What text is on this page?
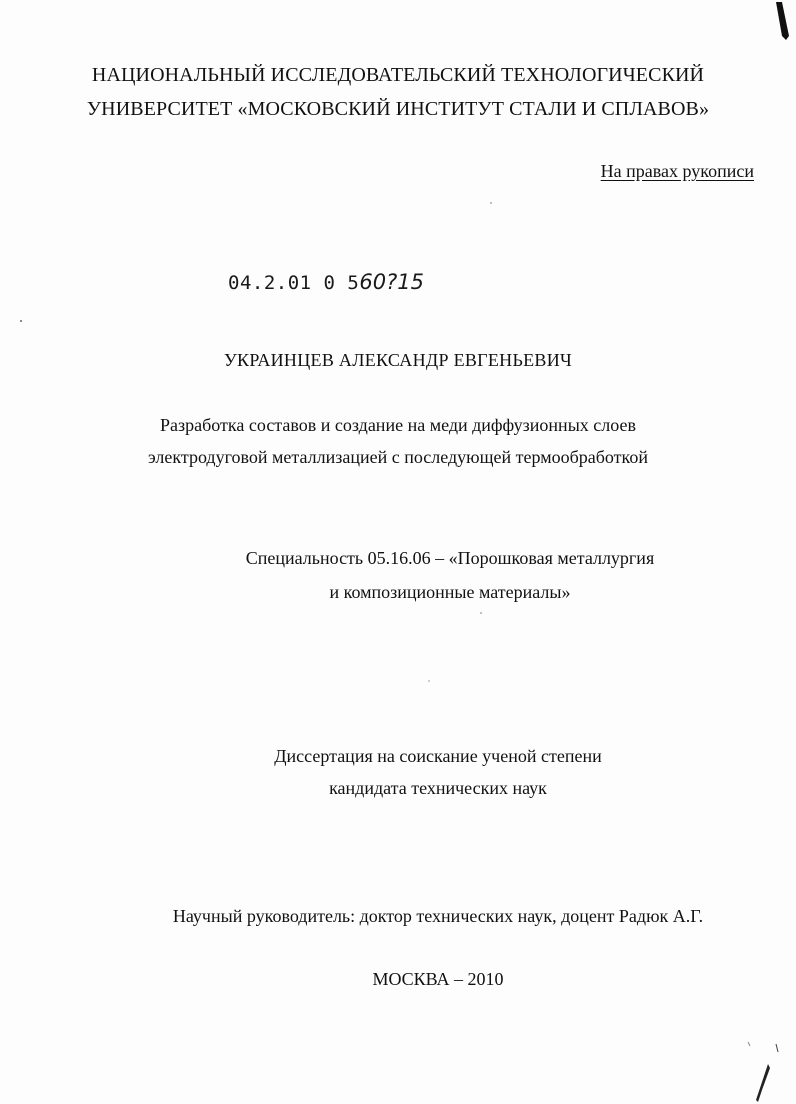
НАЦИОНАЛЬНЫЙ ИССЛЕДОВАТЕЛЬСКИЙ ТЕХНОЛОГИЧЕСКИЙ
УНИВЕРСИТЕТ «МОСКОВСКИЙ ИНСТИТУТ СТАЛИ И СПЛАВОВ»
На правах рукописи
04.2.01 0 560?15
УКРАИНЦЕВ АЛЕКСАНДР ЕВГЕНЬЕВИЧ
Разработка составов и создание на меди диффузионных слоев
электродуговой металлизацией с последующей термообработкой
Специальность 05.16.06 – «Порошковая металлургия
и композиционные материалы»
Диссертация на соискание ученой степени
кандидата технических наук
Научный руководитель: доктор технических наук, доцент Радюк А.Г.
МОСКВА – 2010
